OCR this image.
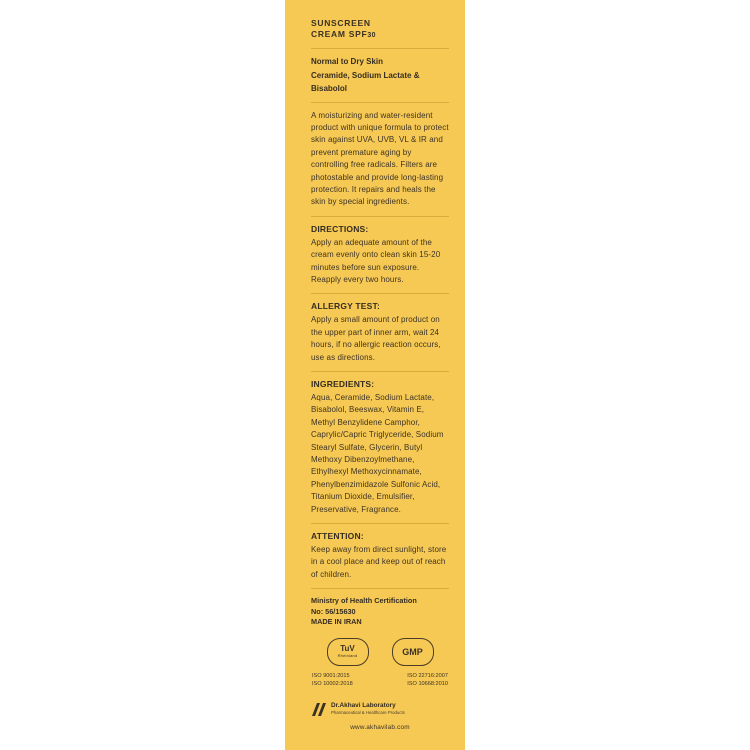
SUNSCREEN
CREAM SPF30
Normal to Dry Skin
Ceramide, Sodium Lactate &
Bisabolol
A moisturizing and water-resident product with unique formula to protect skin against UVA, UVB, VL & IR and prevent premature aging by controlling free radicals. Filters are photostable and provide long-lasting protection. It repairs and heals the skin by special ingredients.
DIRECTIONS:
Apply an adequate amount of the cream evenly onto clean skin 15-20 minutes before sun exposure. Reapply every two hours.
ALLERGY TEST:
Apply a small amount of product on the upper part of inner arm, wait 24 hours, if no allergic reaction occurs, use as directions.
INGREDIENTS:
Aqua, Ceramide, Sodium Lactate, Bisabolol, Beeswax, Vitamin E, Methyl Benzylidene Camphor, Caprylic/Capric Triglyceride, Sodium Stearyl Sulfate, Glycerin, Butyl Methoxy Dibenzoylmethane, Ethylhexyl Methoxycinnamate, Phenylbenzimidazole Sulfonic Acid, Titanium Dioxide, Emulsifier, Preservative, Fragrance.
ATTENTION:
Keep away from direct sunlight, store in a cool place and keep out of reach of children.
Ministry of Health Certification
No: 56/15630
MADE IN IRAN
TuV
Rheinland	GMP
ISO 9001:2015
ISO 10002:2018
ISO 22716:2007
ISO 10668:2010
Dr.Akhavi Laboratory
Pharmaceutical & Healthcare Products
www.akhavilab.com
